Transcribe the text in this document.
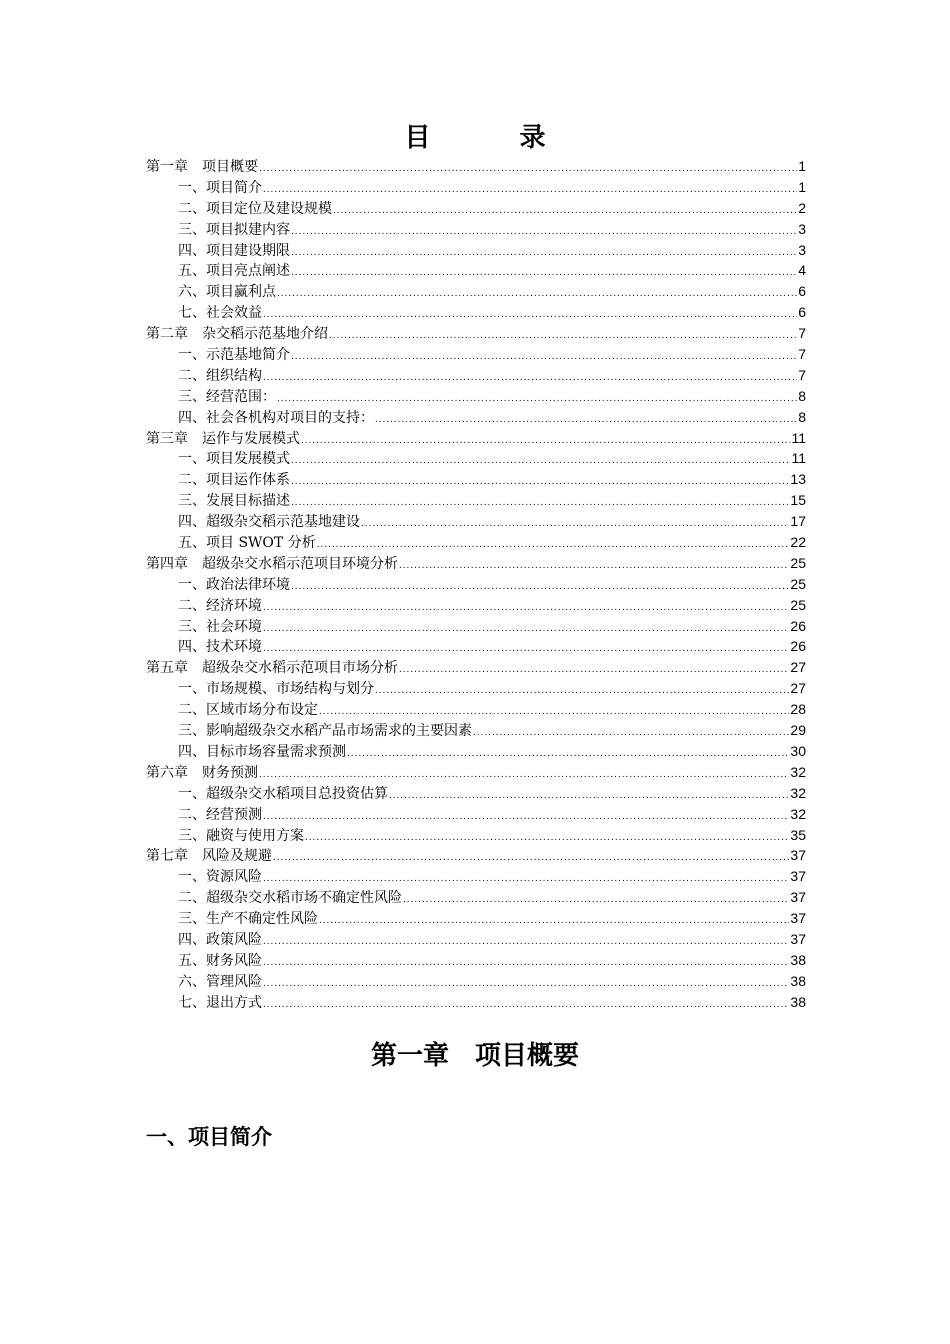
目 录
第一章　项目概要 .....	1
一、项目简介 .....	1
二、项目定位及建设规模 .....	2
三、项目拟建内容 .....	3
四、项目建设期限 .....	3
五、项目亮点阐述 .....	4
六、项目赢利点 .....	6
七、社会效益 .....	6
第二章　杂交稻示范基地介绍 .....	7
一、示范基地简介 .....	7
二、组织结构 .....	7
三、经营范围： .....	8
四、社会各机构对项目的支持： .....	8
第三章　运作与发展模式 .....	11
一、项目发展模式 .....	11
二、项目运作体系 .....	13
三、发展目标描述 .....	15
四、超级杂交稻示范基地建设 .....	17
五、项目 SWOT 分析 .....	22
第四章　超级杂交水稻示范项目环境分析 .....	25
一、政治法律环境 .....	25
二、经济环境 .....	25
三、社会环境 .....	26
四、技术环境 .....	26
第五章　超级杂交水稻示范项目市场分析 .....	27
一、市场规模、市场结构与划分 .....	27
二、区域市场分布设定 .....	28
三、影响超级杂交水稻产品市场需求的主要因素 .....	29
四、目标市场容量需求预测 .....	30
第六章　财务预测 .....	32
一、超级杂交水稻项目总投资估算 .....	32
二、经营预测 .....	32
三、融资与使用方案 .....	35
第七章　风险及规避 .....	37
一、资源风险 .....	37
二、超级杂交水稻市场不确定性风险 .....	37
三、生产不确定性风险 .....	37
四、政策风险 .....	37
五、财务风险 .....	38
六、管理风险 .....	38
七、退出方式 .....	38
第一章　项目概要
一、项目简介
